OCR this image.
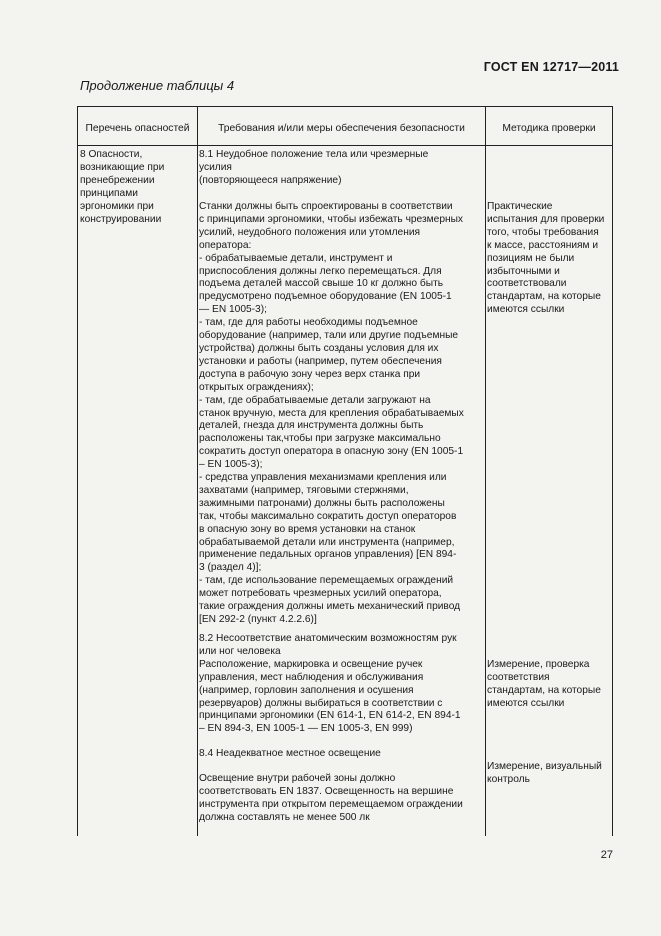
ГОСТ EN 12717—2011
Продолжение таблицы 4
Перечень опасностей	Требования и/или меры обеспечения безопасности	Методика проверки

8 Опасности,
возникающие при
пренебрежении
принципами
эргономики при
конструировании

8.1 Неудобное положение тела или чрезмерные
усилия
(повторяющееся напряжение)

Станки должны быть спроектированы в соответствии
с принципами эргономики, чтобы избежать чрезмерных
усилий, неудобного положения или утомления
оператора:
- обрабатываемые детали, инструмент и
приспособления должны легко перемещаться. Для
подъема деталей массой свыше 10 кг должно быть
предусмотрено подъемное оборудование (EN 1005-1
— EN 1005-3);
- там, где для работы необходимы подъемное
оборудование (например, тали или другие подъемные
устройства) должны быть созданы условия для их
установки и работы (например, путем обеспечения
доступа в рабочую зону через верх станка при
открытых ограждениях);
- там, где обрабатываемые детали загружают на
станок вручную, места для крепления обрабатываемых
деталей, гнезда для инструмента должны быть
расположены так,чтобы при загрузке максимально
сократить доступ оператора в опасную зону (EN 1005-1
– EN 1005-3);
- средства управления механизмами крепления или
захватами (например, тяговыми стержнями,
зажимными патронами) должны быть расположены
так, чтобы максимально сократить доступ операторов
в опасную зону во время установки на станок
обрабатываемой детали или инструмента (например,
применение педальных органов управления) [EN 894-
3 (раздел 4)];
- там, где использование перемещаемых ограждений
может потребовать чрезмерных усилий оператора,
такие ограждения должны иметь механический привод
[EN 292-2 (пункт 4.2.2.6)]

8.2 Несоответствие анатомическим возможностям рук
или ног человека
Расположение, маркировка и освещение ручек
управления, мест наблюдения и обслуживания
(например, горловин заполнения и осушения
резервуаров) должны выбираться в соответствии с
принципами эргономики (EN 614-1, EN 614-2, EN 894-1
– EN 894-3, EN 1005-1 — EN 1005-3, EN 999)

8.4 Неадекватное местное освещение

Освещение внутри рабочей зоны должно
соответствовать EN 1837. Освещенность на вершине
инструмента при открытом перемещаемом ограждении
должна составлять не менее 500 лк

Практические
испытания для проверки
того, чтобы требования
к массе, расстояниям и
позициям не были
избыточными и
соответствовали
стандартам, на которые
имеются ссылки

Измерение, проверка
соответствия
стандартам, на которые
имеются ссылки

Измерение, визуальный
контроль

27
